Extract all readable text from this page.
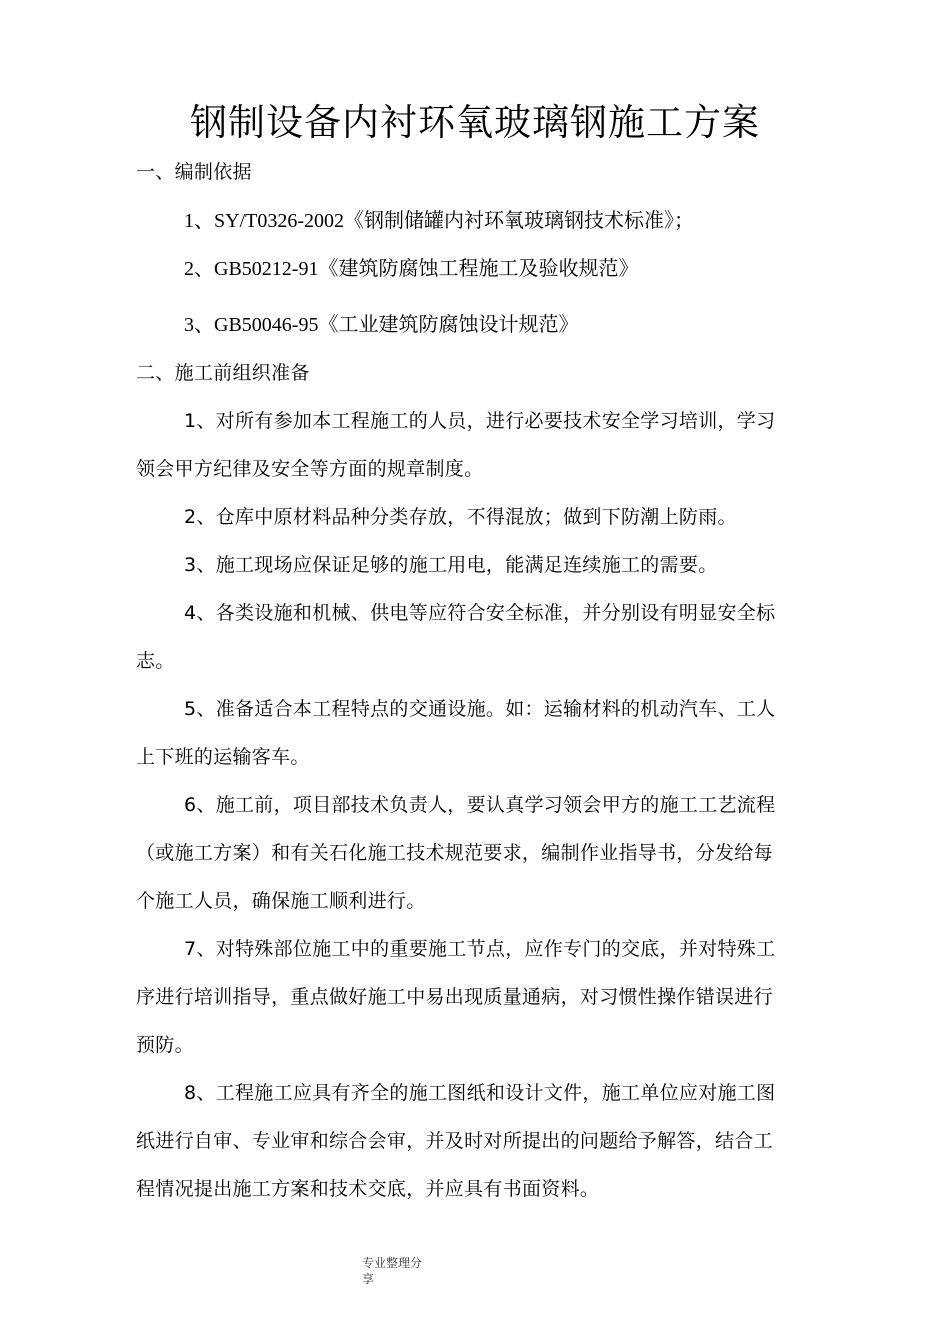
钢制设备内衬环氧玻璃钢施工方案
一、编制依据
1、SY/T0326-2002《钢制储罐内衬环氧玻璃钢技术标准》；
2、GB50212-91《建筑防腐蚀工程施工及验收规范》
3、GB50046-95《工业建筑防腐蚀设计规范》
二、施工前组织准备
1、对所有参加本工程施工的人员，进行必要技术安全学习培训，学习
领会甲方纪律及安全等方面的规章制度。
2、仓库中原材料品种分类存放，不得混放；做到下防潮上防雨。
3、施工现场应保证足够的施工用电，能满足连续施工的需要。
4、各类设施和机械、供电等应符合安全标准，并分别设有明显安全标
志。
5、准备适合本工程特点的交通设施。如：运输材料的机动汽车、工人
上下班的运输客车。
6、施工前，项目部技术负责人，要认真学习领会甲方的施工工艺流程
（或施工方案）和有关石化施工技术规范要求，编制作业指导书，分发给每
个施工人员，确保施工顺利进行。
7、对特殊部位施工中的重要施工节点，应作专门的交底，并对特殊工
序进行培训指导，重点做好施工中易出现质量通病，对习惯性操作错误进行
预防。
8、工程施工应具有齐全的施工图纸和设计文件，施工单位应对施工图
纸进行自审、专业审和综合会审，并及时对所提出的问题给予解答，结合工
程情况提出施工方案和技术交底，并应具有书面资料。
专业整理分
享
